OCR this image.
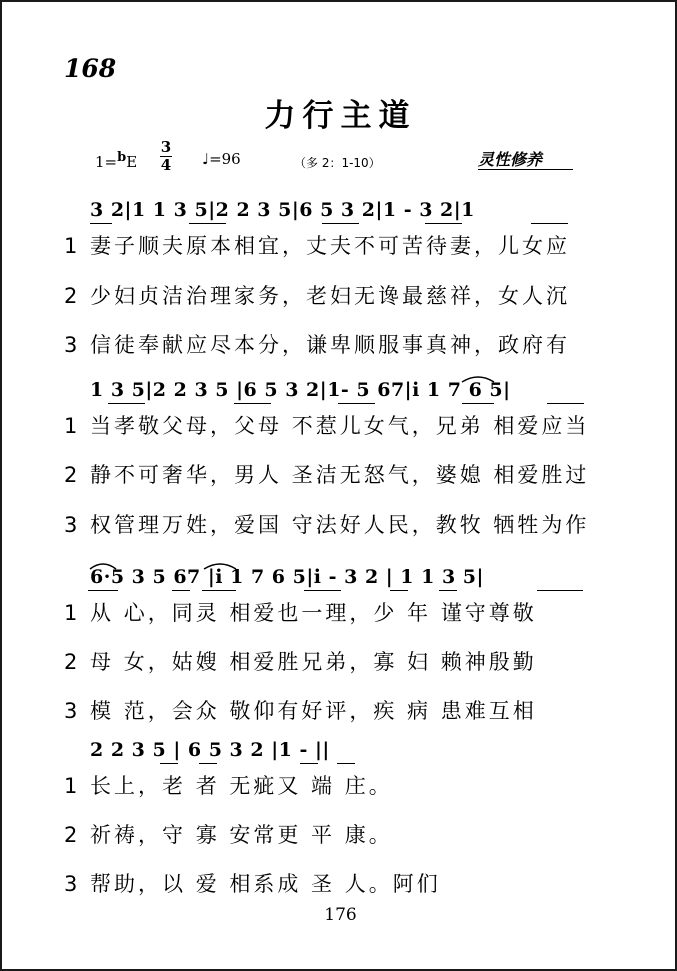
168
力行主道
1=$^b$E
3
4 ♩=96	（多 2：1-10）	灵性修养
3 2|1 1 3 5|2 2 3 5|6 5 3 2|1 - 3 2|1
1 妻子顺夫原本相宜，丈夫不可苦待妻，儿女应
2 少妇贞洁治理家务，老妇无谗最慈祥，女人沉
3 信徒奉献应尽本分，谦卑顺服事真神，政府有
1 3 5|2 2 3 5 |6 5 3 2|1- 5 67|i 1 7 6 5|
1 当孝敬父母，父母 不惹儿女气，兄弟 相爱应当
2 静不可奢华，男人 圣洁无怒气，婆媳 相爱胜过
3 权管理万姓，爱国 守法好人民，教牧 牺牲为作
6·5 3 5 67 |i 1 7 6 5|i - 3 2 | 1 1 3 5|
1 从 心，同灵 相爱也一理，少 年 谨守尊敬
2 母 女，姑嫂 相爱胜兄弟，寡 妇 赖神殷勤
3 模 范，会众 敬仰有好评，疾 病 患难互相
2 2 3 5 | 6 5 3 2 |1 - ||
1 长上，老 者 无疵又 端 庄。
2 祈祷，守 寡 安常更 平 康。
3 帮助，以 爱 相系成 圣 人。阿们
176
